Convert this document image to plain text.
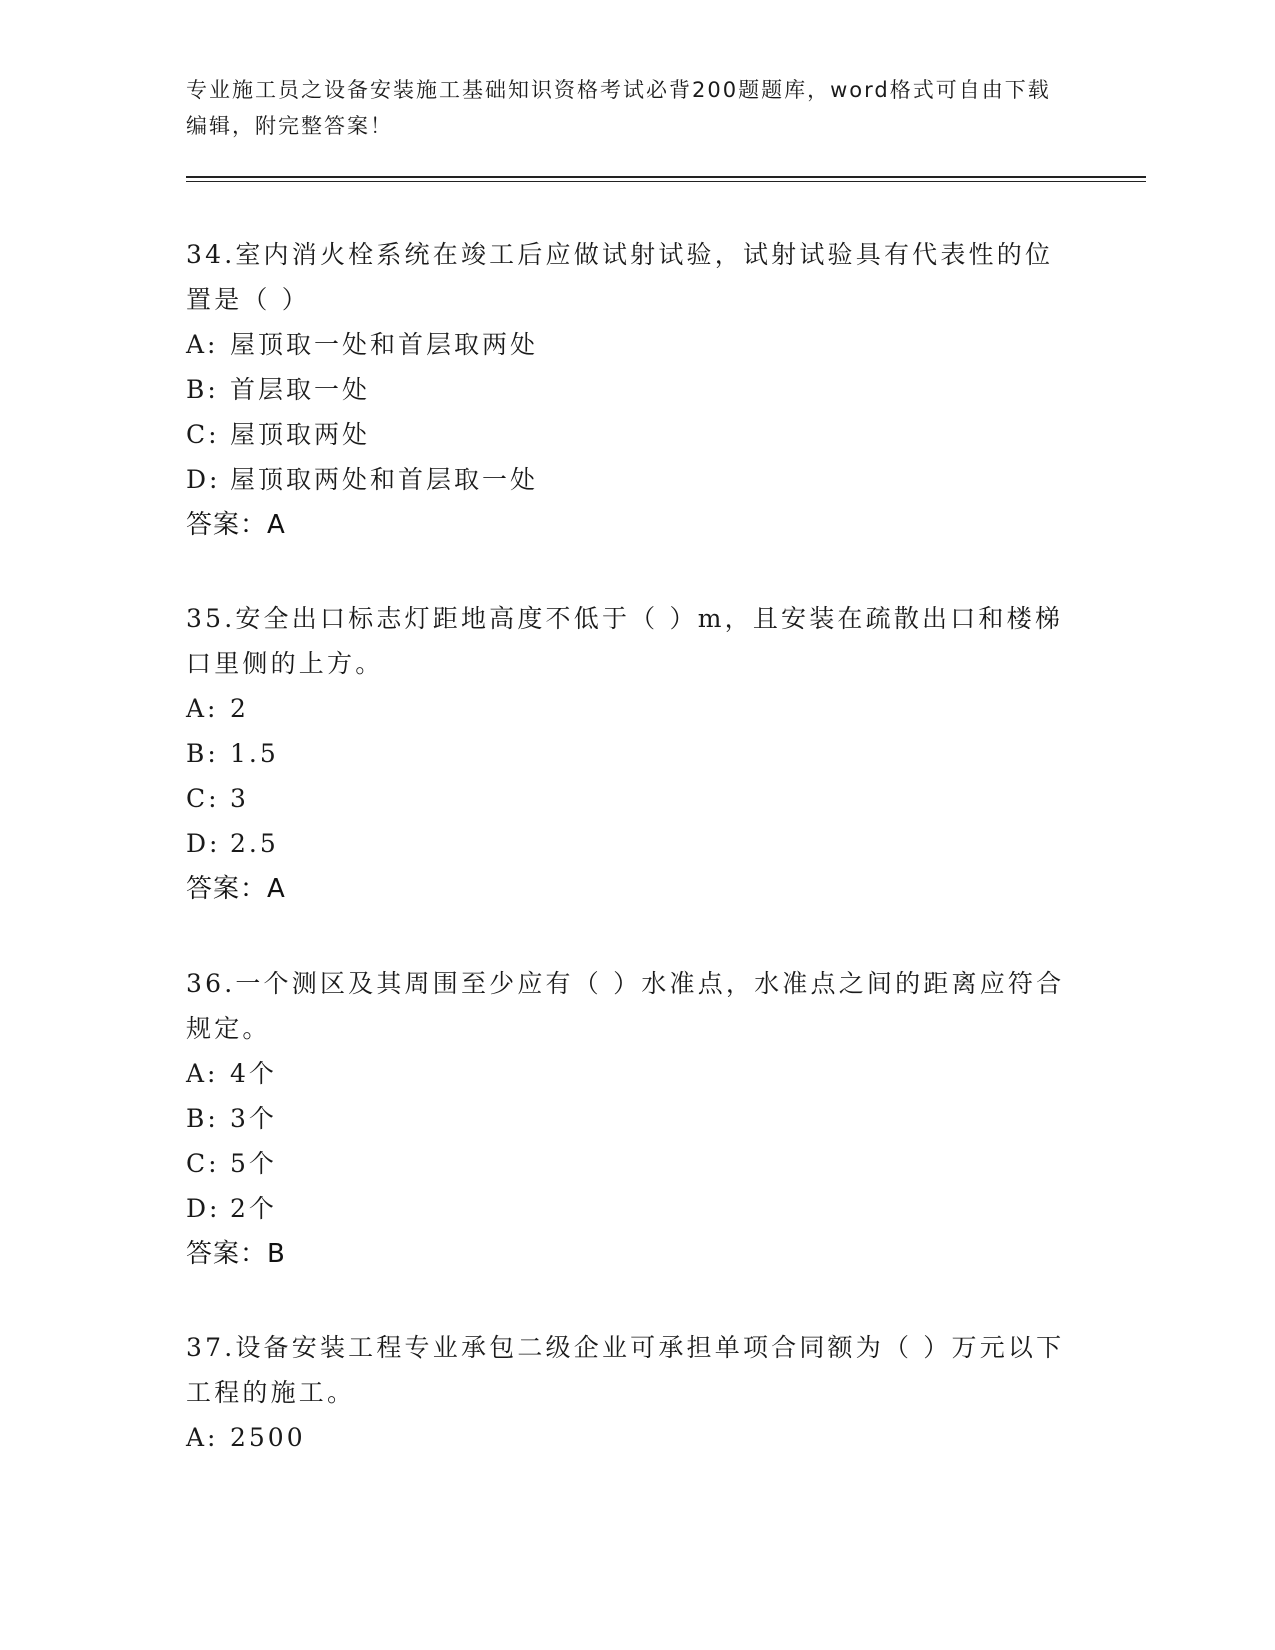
专业施工员之设备安装施工基础知识资格考试必背200题题库，word格式可自由下载编辑，附完整答案！

34.室内消火栓系统在竣工后应做试射试验，试射试验具有代表性的位置是（ ）

A: 屋顶取一处和首层取两处

B: 首层取一处

C: 屋顶取两处

D: 屋顶取两处和首层取一处

答案：A

35.安全出口标志灯距地高度不低于（ ）m，且安装在疏散出口和楼梯口里侧的上方。

A: 2

B: 1.5

C: 3

D: 2.5

答案：A

36.一个测区及其周围至少应有（ ）水准点，水准点之间的距离应符合规定。

A: 4个

B: 3个

C: 5个

D: 2个

答案：B

37.设备安装工程专业承包二级企业可承担单项合同额为（ ）万元以下工程的施工。

A: 2500
